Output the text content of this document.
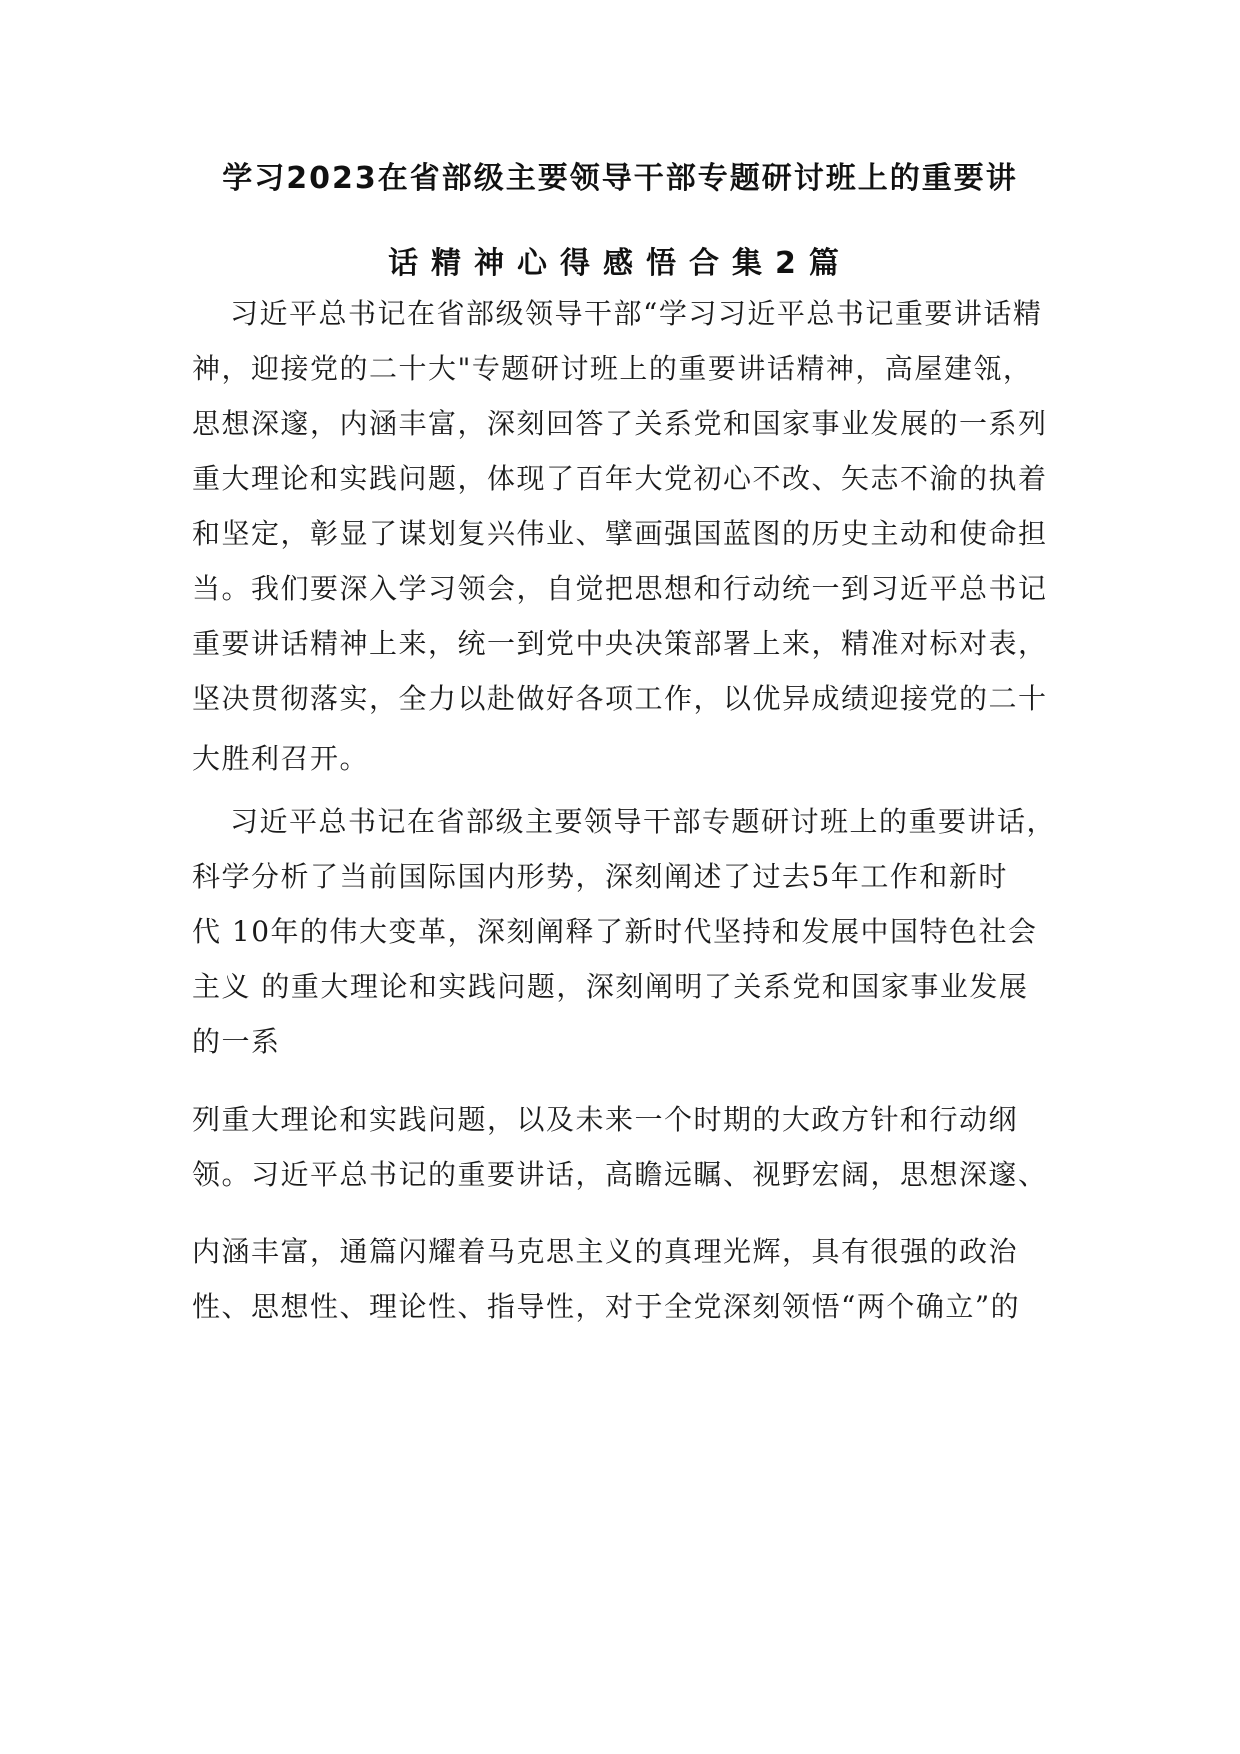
学习2023在省部级主要领导干部专题研讨班上的重要讲
话精神心得感悟合集2篇
习近平总书记在省部级领导干部“学习习近平总书记重要讲话精
神，迎接党的二十大"专题研讨班上的重要讲话精神，高屋建瓴，
思想深邃，内涵丰富，深刻回答了关系党和国家事业发展的一系列
重大理论和实践问题，体现了百年大党初心不改、矢志不渝的执着
和坚定，彰显了谋划复兴伟业、擘画强国蓝图的历史主动和使命担
当。我们要深入学习领会，自觉把思想和行动统一到习近平总书记
重要讲话精神上来，统一到党中央决策部署上来，精准对标对表，
坚决贯彻落实，全力以赴做好各项工作，以优异成绩迎接党的二十
大胜利召开。
习近平总书记在省部级主要领导干部专题研讨班上的重要讲话，
科学分析了当前国际国内形势，深刻阐述了过去5年工作和新时
代 10年的伟大变革，深刻阐释了新时代坚持和发展中国特色社会
主义 的重大理论和实践问题，深刻阐明了关系党和国家事业发展
的一系
列重大理论和实践问题，以及未来一个时期的大政方针和行动纲
领。习近平总书记的重要讲话，高瞻远瞩、视野宏阔，思想深邃、
内涵丰富，通篇闪耀着马克思主义的真理光辉，具有很强的政治
性、思想性、理论性、指导性，对于全党深刻领悟“两个确立”的
